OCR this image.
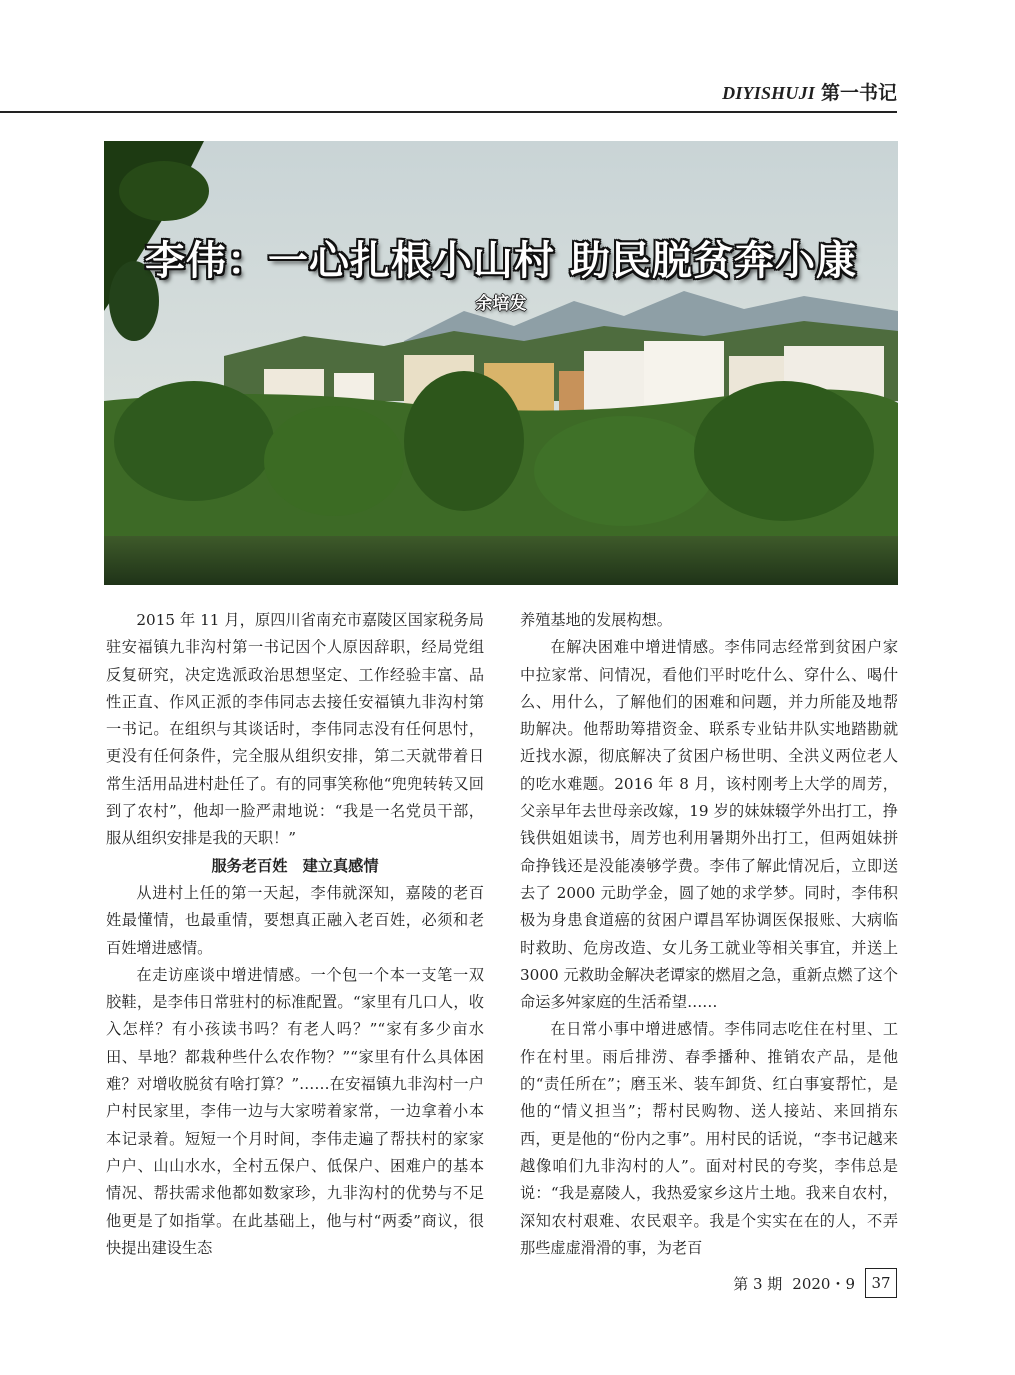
DIYISHUJI 第一书记
李伟：一心扎根小山村 助民脱贫奔小康
余培发

2015 年 11 月，原四川省南充市嘉陵区国家税务局驻安福镇九非沟村第一书记因个人原因辞职，经局党组反复研究，决定选派政治思想坚定、工作经验丰富、品性正直、作风正派的李伟同志去接任安福镇九非沟村第一书记。在组织与其谈话时，李伟同志没有任何思忖，更没有任何条件，完全服从组织安排，第二天就带着日常生活用品进村赴任了。有的同事笑称他“兜兜转转又回到了农村”，他却一脸严肃地说：“我是一名党员干部，服从组织安排是我的天职！”

服务老百姓　建立真感情

从进村上任的第一天起，李伟就深知，嘉陵的老百姓最懂情，也最重情，要想真正融入老百姓，必须和老百姓增进感情。

在走访座谈中增进情感。一个包一个本一支笔一双胶鞋，是李伟日常驻村的标准配置。“家里有几口人，收入怎样？有小孩读书吗？有老人吗？”“家有多少亩水田、旱地？都栽种些什么农作物？”“家里有什么具体困难？对增收脱贫有啥打算？”……在安福镇九非沟村一户户村民家里，李伟一边与大家唠着家常，一边拿着小本本记录着。短短一个月时间，李伟走遍了帮扶村的家家户户、山山水水，全村五保户、低保户、困难户的基本情况、帮扶需求他都如数家珍，九非沟村的优势与不足他更是了如指掌。在此基础上，他与村“两委”商议，很快提出建设生态

养殖基地的发展构想。

在解决困难中增进情感。李伟同志经常到贫困户家中拉家常、问情况，看他们平时吃什么、穿什么、喝什么、用什么，了解他们的困难和问题，并力所能及地帮助解决。他帮助筹措资金、联系专业钻井队实地踏勘就近找水源，彻底解决了贫困户杨世明、全洪义两位老人的吃水难题。2016 年 8 月，该村刚考上大学的周芳，父亲早年去世母亲改嫁，19 岁的妹妹辍学外出打工，挣钱供姐姐读书，周芳也利用暑期外出打工，但两姐妹拼命挣钱还是没能凑够学费。李伟了解此情况后，立即送去了 2000 元助学金，圆了她的求学梦。同时，李伟积极为身患食道癌的贫困户谭昌军协调医保报账、大病临时救助、危房改造、女儿务工就业等相关事宜，并送上 3000 元救助金解决老谭家的燃眉之急，重新点燃了这个命运多舛家庭的生活希望……

在日常小事中增进感情。李伟同志吃住在村里、工作在村里。雨后排涝、春季播种、推销农产品，是他的“责任所在”；磨玉米、装车卸货、红白事宴帮忙，是他的“情义担当”；帮村民购物、送人接站、来回捎东西，更是他的“份内之事”。用村民的话说，“李书记越来越像咱们九非沟村的人”。面对村民的夸奖，李伟总是说：“我是嘉陵人，我热爱家乡这片土地。我来自农村，深知农村艰难、农民艰辛。我是个实实在在的人，不弄那些虚虚滑滑的事，为老百

第 3 期 2020・9	37
